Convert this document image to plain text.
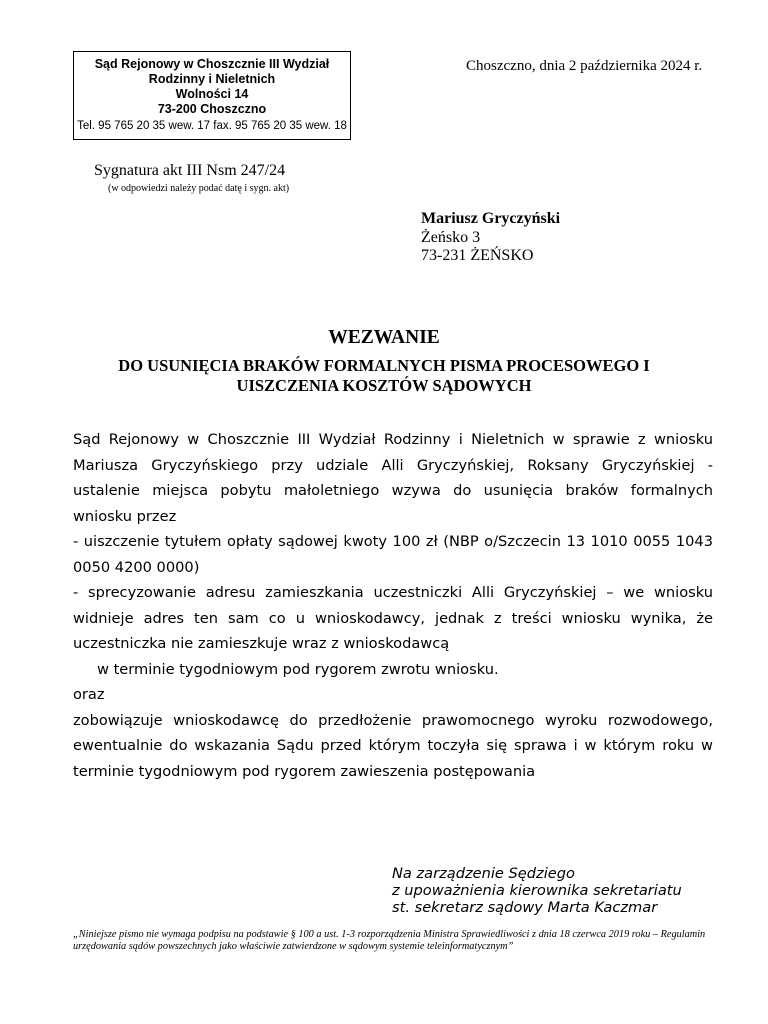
Sąd Rejonowy w Choszcznie III Wydział
Rodzinny i Nieletnich
Wolności 14
73-200 Choszczno
Tel. 95 765 20 35 wew. 17 fax. 95 765 20 35 wew. 18
Choszczno, dnia 2 października 2024 r.
Sygnatura akt III Nsm 247/24
(w odpowiedzi należy podać datę i sygn. akt)
Mariusz Gryczyński
Żeńsko 3
73-231 ŻEŃSKO
WEZWANIE
DO USUNIĘCIA BRAKÓW FORMALNYCH PISMA PROCESOWEGO I
UISZCZENIA KOSZTÓW SĄDOWYCH

Sąd Rejonowy w Choszcznie III Wydział Rodzinny i Nieletnich w sprawie z wniosku Mariusza Gryczyńskiego przy udziale Alli Gryczyńskiej, Roksany Gryczyńskiej - ustalenie miejsca pobytu małoletniego wzywa do usunięcia braków formalnych wniosku przez

- uiszczenie tytułem opłaty sądowej kwoty 100 zł (NBP o/Szczecin 13 1010 0055 1043 0050 4200 0000)

- sprecyzowanie adresu zamieszkania uczestniczki Alli Gryczyńskiej – we wniosku widnieje adres ten sam co u wnioskodawcy, jednak z treści wniosku wynika, że uczestniczka nie zamieszkuje wraz z wnioskodawcą

w terminie tygodniowym pod rygorem zwrotu wniosku.

oraz

zobowiązuje wnioskodawcę do przedłożenie prawomocnego wyroku rozwodowego, ewentualnie do wskazania Sądu przed którym toczyła się sprawa i w którym roku w terminie tygodniowym pod rygorem zawieszenia postępowania

Na zarządzenie Sędziego
z upoważnienia kierownika sekretariatu
st. sekretarz sądowy Marta Kaczmar
„Niniejsze pismo nie wymaga podpisu na podstawie § 100 a ust. 1-3 rozporządzenia Ministra Sprawiedliwości z dnia 18 czerwca 2019 roku – Regulamin urzędowania sądów powszechnych jako właściwie zatwierdzone w sądowym systemie teleinformatycznym”
